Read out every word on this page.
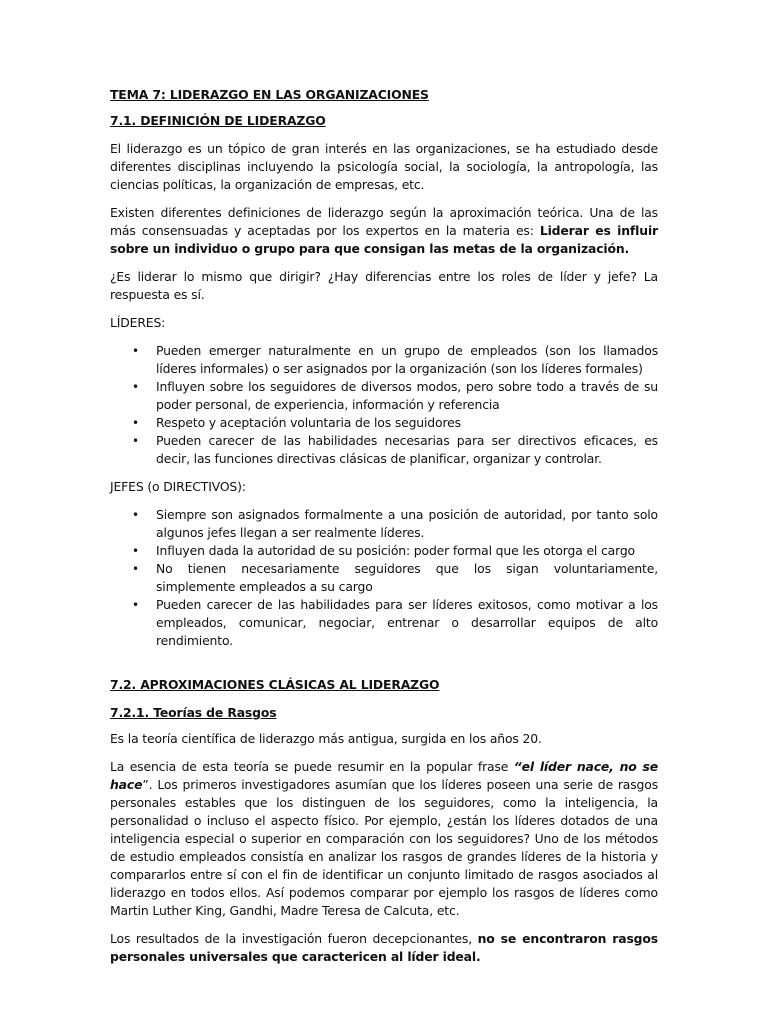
TEMA 7: LIDERAZGO EN LAS ORGANIZACIONES
7.1. DEFINICIÓN DE LIDERAZGO

El liderazgo es un tópico de gran interés en las organizaciones, se ha estudiado desde diferentes disciplinas incluyendo la psicología social, la sociología, la antropología, las ciencias políticas, la organización de empresas, etc.

Existen diferentes definiciones de liderazgo según la aproximación teórica. Una de las más consensuadas y aceptadas por los expertos en la materia es: Liderar es influir sobre un individuo o grupo para que consigan las metas de la organización.

¿Es liderar lo mismo que dirigir? ¿Hay diferencias entre los roles de líder y jefe? La respuesta es sí.

LÍDERES:
• Pueden emerger naturalmente en un grupo de empleados (son los llamados líderes informales) o ser asignados por la organización (son los líderes formales)
• Influyen sobre los seguidores de diversos modos, pero sobre todo a través de su poder personal, de experiencia, información y referencia
• Respeto y aceptación voluntaria de los seguidores
• Pueden carecer de las habilidades necesarias para ser directivos eficaces, es decir, las funciones directivas clásicas de planificar, organizar y controlar.
JEFES (o DIRECTIVOS):
• Siempre son asignados formalmente a una posición de autoridad, por tanto solo algunos jefes llegan a ser realmente líderes.
• Influyen dada la autoridad de su posición: poder formal que les otorga el cargo
• No tienen necesariamente seguidores que los sigan voluntariamente, simplemente empleados a su cargo
• Pueden carecer de las habilidades para ser líderes exitosos, como motivar a los empleados, comunicar, negociar, entrenar o desarrollar equipos de alto rendimiento.
7.2. APROXIMACIONES CLÁSICAS AL LIDERAZGO
7.2.1. Teorías de Rasgos

Es la teoría científica de liderazgo más antigua, surgida en los años 20.

La esencia de esta teoría se puede resumir en la popular frase “el líder nace, no se hace”. Los primeros investigadores asumían que los líderes poseen una serie de rasgos personales estables que los distinguen de los seguidores, como la inteligencia, la personalidad o incluso el aspecto físico. Por ejemplo, ¿están los líderes dotados de una inteligencia especial o superior en comparación con los seguidores? Uno de los métodos de estudio empleados consistía en analizar los rasgos de grandes líderes de la historia y compararlos entre sí con el fin de identificar un conjunto limitado de rasgos asociados al liderazgo en todos ellos. Así podemos comparar por ejemplo los rasgos de líderes como Martin Luther King, Gandhi, Madre Teresa de Calcuta, etc.

Los resultados de la investigación fueron decepcionantes, no se encontraron rasgos personales universales que caractericen al líder ideal.
